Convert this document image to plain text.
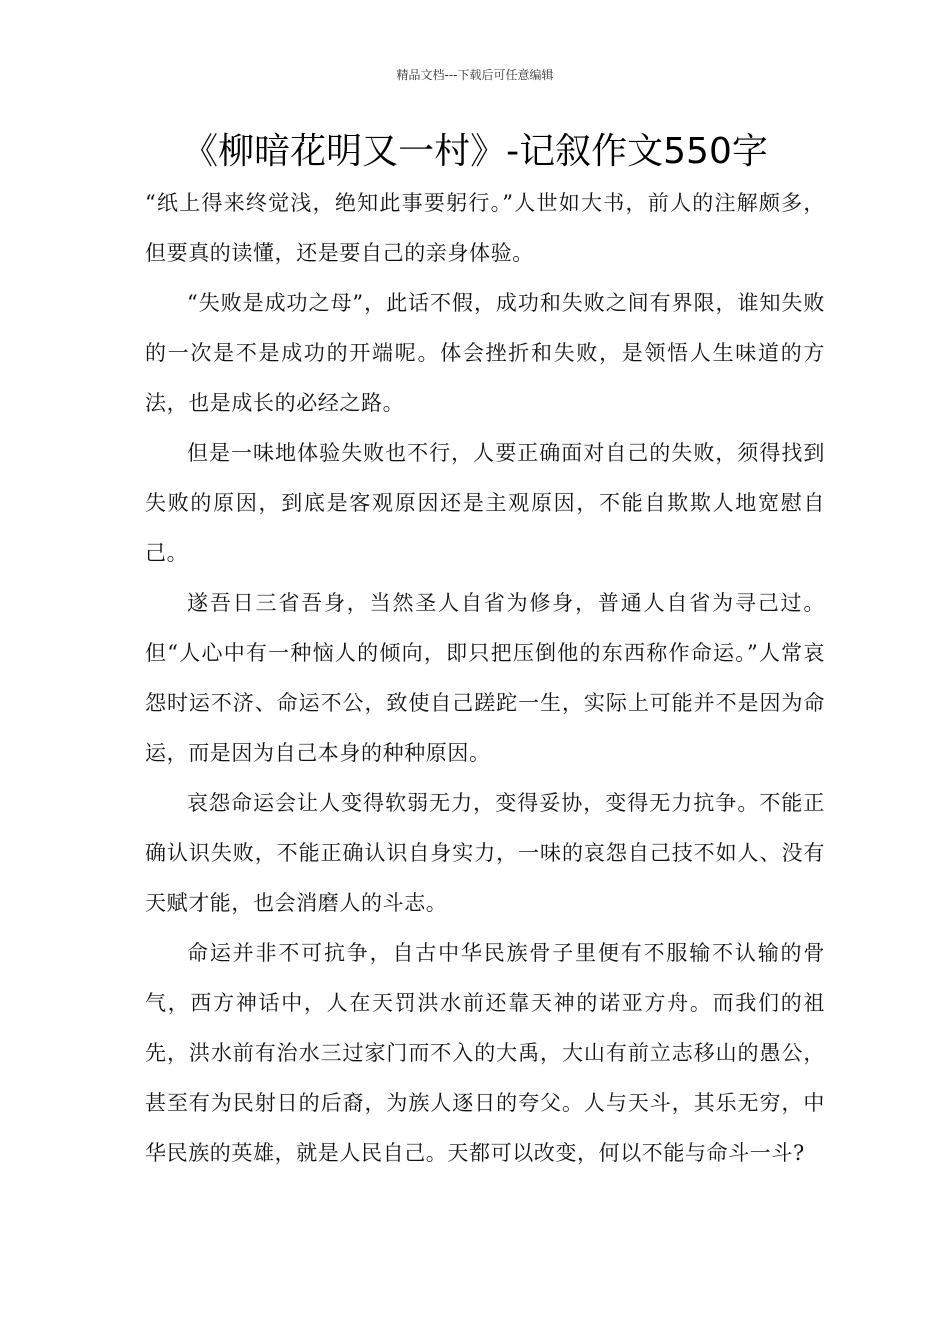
精品文档---下载后可任意编辑
《柳暗花明又一村》-记叙作文550字

“纸上得来终觉浅，绝知此事要躬行。”人世如大书，前人的注解颇多，但要真的读懂，还是要自己的亲身体验。

“失败是成功之母”，此话不假，成功和失败之间有界限，谁知失败的一次是不是成功的开端呢。体会挫折和失败，是领悟人生味道的方法，也是成长的必经之路。

但是一味地体验失败也不行，人要正确面对自己的失败，须得找到失败的原因，到底是客观原因还是主观原因，不能自欺欺人地宽慰自己。

遂吾日三省吾身，当然圣人自省为修身，普通人自省为寻己过。但“人心中有一种恼人的倾向，即只把压倒他的东西称作命运。”人常哀怨时运不济、命运不公，致使自己蹉跎一生，实际上可能并不是因为命运，而是因为自己本身的种种原因。

哀怨命运会让人变得软弱无力，变得妥协，变得无力抗争。不能正确认识失败，不能正确认识自身实力，一味的哀怨自己技不如人、没有天赋才能，也会消磨人的斗志。

命运并非不可抗争，自古中华民族骨子里便有不服输不认输的骨气，西方神话中，人在天罚洪水前还靠天神的诺亚方舟。而我们的祖先，洪水前有治水三过家门而不入的大禹，大山有前立志移山的愚公，甚至有为民射日的后裔，为族人逐日的夸父。人与天斗，其乐无穷，中华民族的英雄，就是人民自己。天都可以改变，何以不能与命斗一斗?
